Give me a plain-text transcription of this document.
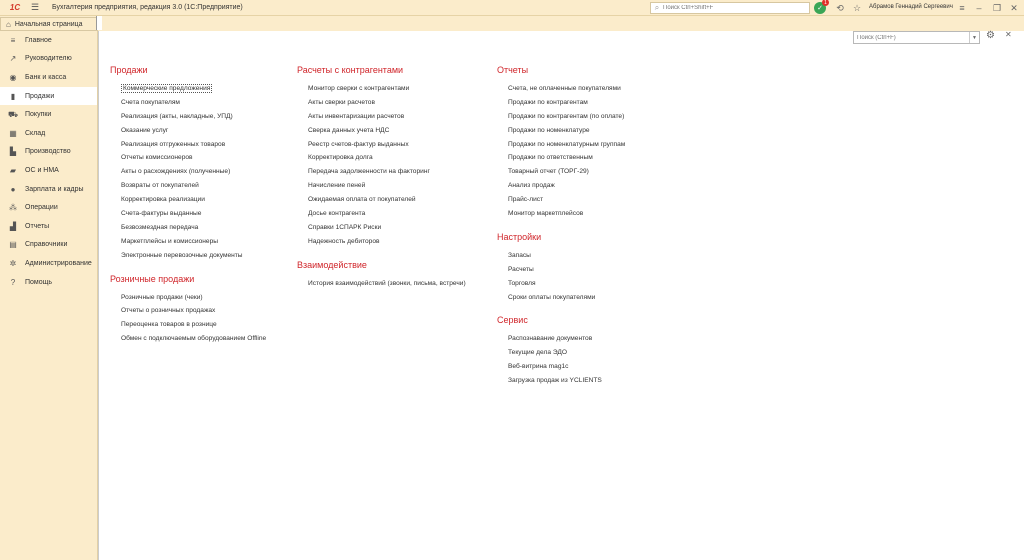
1С	☰	Бухгалтерия предприятия, редакция 3.0 (1С:Предприятие)	⌕
Поиск Ctrl+Shift+F	✓
1	⟲	☆	Абрамов Геннадий Сергеевич ≡	–	❐	✕
⌂ Начальная страница
≡	Главное
↗ Руководителю
◉ Банк и касса
▮	Продажи
⛟ Покупки
▦ Склад
▙ Производство
▰ ОС и НМА
●	Зарплата и кадры
⁂ Операции
▟ Отчеты
▤ Справочники
✲ Администрирование
?	Помощь
Поиск (Ctrl+F)
▼ ⚙ ✕
Продажи
Коммерческие предложения
Счета покупателям
Реализация (акты, накладные, УПД)
Оказание услуг
Реализация отгруженных товаров
Отчеты комиссионеров
Акты о расхождениях (полученные)
Возвраты от покупателей
Корректировка реализации
Счета-фактуры выданные
Безвозмездная передача
Маркетплейсы и комиссионеры
Электронные перевозочные документы
Розничные продажи
Розничные продажи (чеки)
Отчеты о розничных продажах
Переоценка товаров в рознице
Обмен с подключаемым оборудованием Offline
Расчеты с контрагентами
Монитор сверки с контрагентами
Акты сверки расчетов
Акты инвентаризации расчетов
Сверка данных учета НДС
Реестр счетов-фактур выданных
Корректировка долга
Передача задолженности на факторинг
Начисление пеней
Ожидаемая оплата от покупателей
Досье контрагента
Справки 1СПАРК Риски
Надежность дебиторов
Взаимодействие
История взаимодействий (звонки, письма, встречи)
Отчеты
Счета, не оплаченные покупателями
Продажи по контрагентам
Продажи по контрагентам (по оплате)
Продажи по номенклатуре
Продажи по номенклатурным группам
Продажи по ответственным
Товарный отчет (ТОРГ-29)
Анализ продаж
Прайс-лист
Монитор маркетплейсов
Настройки
Запасы
Расчеты
Торговля
Сроки оплаты покупателями
Сервис
Распознавание документов
Текущие дела ЭДО
Веб-витрина mag1c
Загрузка продаж из YCLIENTS
